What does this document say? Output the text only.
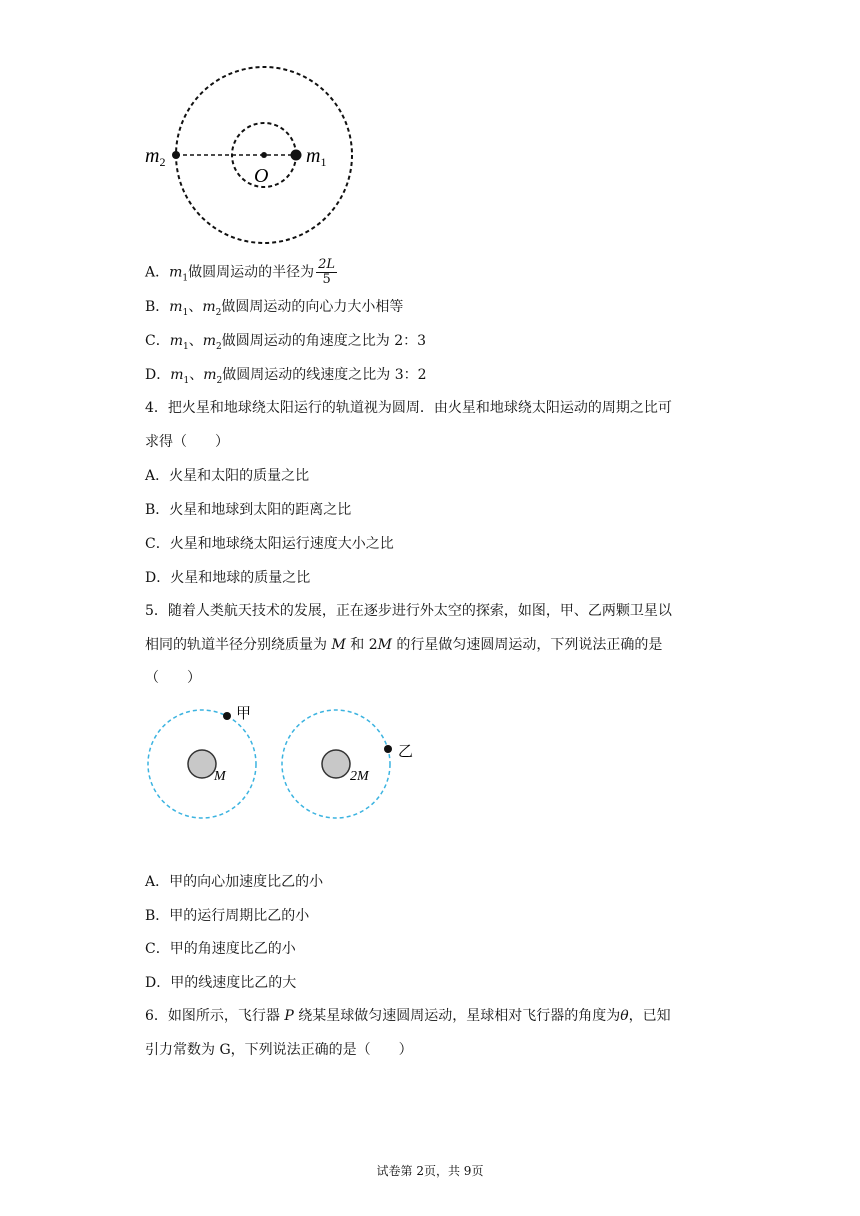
$m_2$	$m_1$
O
A．$m_1$做圆周运动的半径为 $\frac{2L}{5}$
B．$m_1$、$m_2$做圆周运动的向心力大小相等
C．$m_1$、$m_2$做圆周运动的角速度之比为 2：3
D．$m_1$、$m_2$做圆周运动的线速度之比为 3：2
4．把火星和地球绕太阳运行的轨道视为圆周．由火星和地球绕太阳运动的周期之比可
求得（　　）
A．火星和太阳的质量之比
B．火星和地球到太阳的距离之比
C．火星和地球绕太阳运行速度大小之比
D．火星和地球的质量之比
5．随着人类航天技术的发展，正在逐步进行外太空的探索，如图，甲、乙两颗卫星以
相同的轨道半径分别绕质量为 M 和 2M 的行星做匀速圆周运动，下列说法正确的是
（　　）
M
甲
2M
乙
A．甲的向心加速度比乙的小
B．甲的运行周期比乙的小
C．甲的角速度比乙的小
D．甲的线速度比乙的大
6．如图所示，飞行器 P 绕某星球做匀速圆周运动，星球相对飞行器的角度为θ，已知
引力常数为 G，下列说法正确的是（　　）
试卷第 2页，共 9页
